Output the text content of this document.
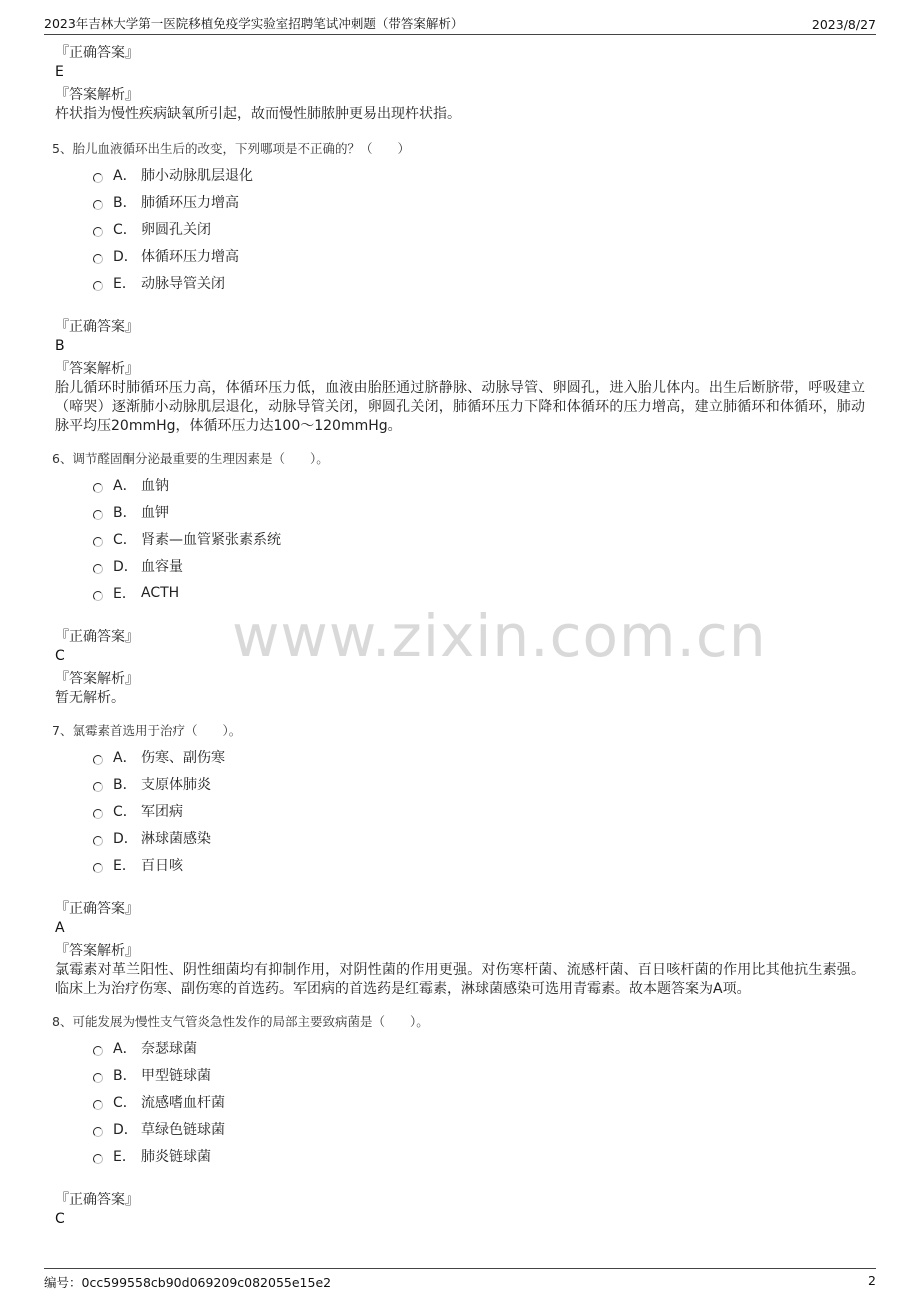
2023年吉林大学第一医院移植免疫学实验室招聘笔试冲刺题（带答案解析）	2023/8/27
www.zixin.com.cn
『正确答案』
E
『答案解析』
杵状指为慢性疾病缺氧所引起，故而慢性肺脓肿更易出现杵状指。
5、胎儿血液循环出生后的改变，下列哪项是不正确的？（　　）
A． 肺小动脉肌层退化
B． 肺循环压力增高
C． 卵圆孔关闭
D． 体循环压力增高
E． 动脉导管关闭
『正确答案』
B
『答案解析』
胎儿循环时肺循环压力高，体循环压力低，血液由胎胚通过脐静脉、动脉导管、卵圆孔，进入胎儿体内。出生后断脐带，呼吸建立（啼哭）逐渐肺小动脉肌层退化，动脉导管关闭，卵圆孔关闭，肺循环压力下降和体循环的压力增高，建立肺循环和体循环，肺动脉平均压20mmHg，体循环压力达100～120mmHg。
6、调节醛固酮分泌最重要的生理因素是（　　）。
A． 血钠
B． 血钾
C． 肾素—血管紧张素系统
D． 血容量
E． ACTH
『正确答案』
C
『答案解析』
暂无解析。
7、氯霉素首选用于治疗（　　）。
A． 伤寒、副伤寒
B． 支原体肺炎
C． 军团病
D． 淋球菌感染
E． 百日咳
『正确答案』
A
『答案解析』
氯霉素对革兰阳性、阴性细菌均有抑制作用，对阴性菌的作用更强。对伤寒杆菌、流感杆菌、百日咳杆菌的作用比其他抗生素强。临床上为治疗伤寒、副伤寒的首选药。军团病的首选药是红霉素，淋球菌感染可选用青霉素。故本题答案为A项。
8、可能发展为慢性支气管炎急性发作的局部主要致病菌是（　　）。
A． 奈瑟球菌
B． 甲型链球菌
C． 流感嗜血杆菌
D． 草绿色链球菌
E． 肺炎链球菌
『正确答案』
C
编号：0cc599558cb90d069209c082055e15e2	2
